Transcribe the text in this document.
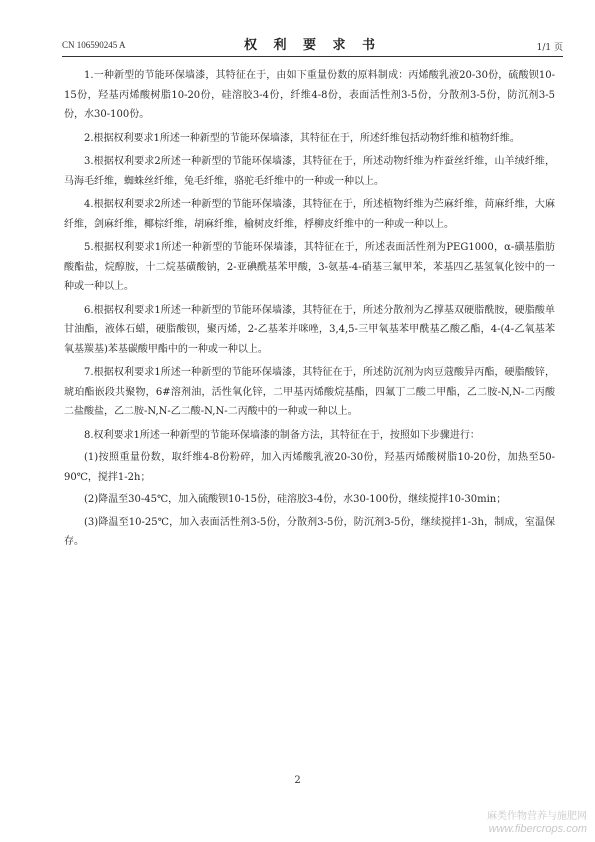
CN 106590245 A	权 利 要 求 书	1/1 页

1.一种新型的节能环保墙漆，其特征在于，由如下重量份数的原料制成：丙烯酸乳液20-30份，硫酸钡10-15份，羟基丙烯酸树脂10-20份，硅溶胶3-4份，纤维4-8份，表面活性剂3-5份，分散剂3-5份，防沉剂3-5份，水30-100份。

2.根据权利要求1所述一种新型的节能环保墙漆，其特征在于，所述纤维包括动物纤维和植物纤维。

3.根据权利要求2所述一种新型的节能环保墙漆，其特征在于，所述动物纤维为柞蚕丝纤维，山羊绒纤维，马海毛纤维，蜘蛛丝纤维，兔毛纤维，骆驼毛纤维中的一种或一种以上。

4.根据权利要求2所述一种新型的节能环保墙漆，其特征在于，所述植物纤维为苎麻纤维，苘麻纤维，大麻纤维，剑麻纤维，椰棕纤维，胡麻纤维，榆树皮纤维，桴柳皮纤维中的一种或一种以上。

5.根据权利要求1所述一种新型的节能环保墙漆，其特征在于，所述表面活性剂为PEG1000，α-磺基脂肪酸酯盐，烷醇胺，十二烷基磺酸钠，2-亚碘酰基苯甲酸，3-氨基-4-硝基三氟甲苯，苯基四乙基氢氧化铵中的一种或一种以上。

6.根据权利要求1所述一种新型的节能环保墙漆，其特征在于，所述分散剂为乙撑基双硬脂酰胺，硬脂酸单甘油酯，液体石蜡，硬脂酸钡，聚丙烯，2-乙基苯并咪唑，3,4,5-三甲氧基苯甲酰基乙酸乙酯，4-(4-乙氧基苯氧基羰基)苯基碳酸甲酯中的一种或一种以上。

7.根据权利要求1所述一种新型的节能环保墙漆，其特征在于，所述防沉剂为肉豆蔻酸异丙酯，硬脂酸锌，琥珀酯嵌段共聚物，6#溶剂油，活性氧化锌，二甲基丙烯酸烷基酯，四氟丁二酸二甲酯，乙二胺-N,N-二丙酸二盐酸盐，乙二胺-N,N-乙二酸-N,N-二丙酸中的一种或一种以上。

8.权利要求1所述一种新型的节能环保墙漆的制备方法，其特征在于，按照如下步骤进行：

(1)按照重量份数，取纤维4-8份粉碎，加入丙烯酸乳液20-30份，羟基丙烯酸树脂10-20份，加热至50-90℃，搅拌1-2h；

(2)降温至30-45℃，加入硫酸钡10-15份，硅溶胶3-4份，水30-100份，继续搅拌10-30min；

(3)降温至10-25℃，加入表面活性剂3-5份，分散剂3-5份，防沉剂3-5份，继续搅拌1-3h，制成，室温保存。

2
麻类作物营养与施肥网
www.fibercrops.com
